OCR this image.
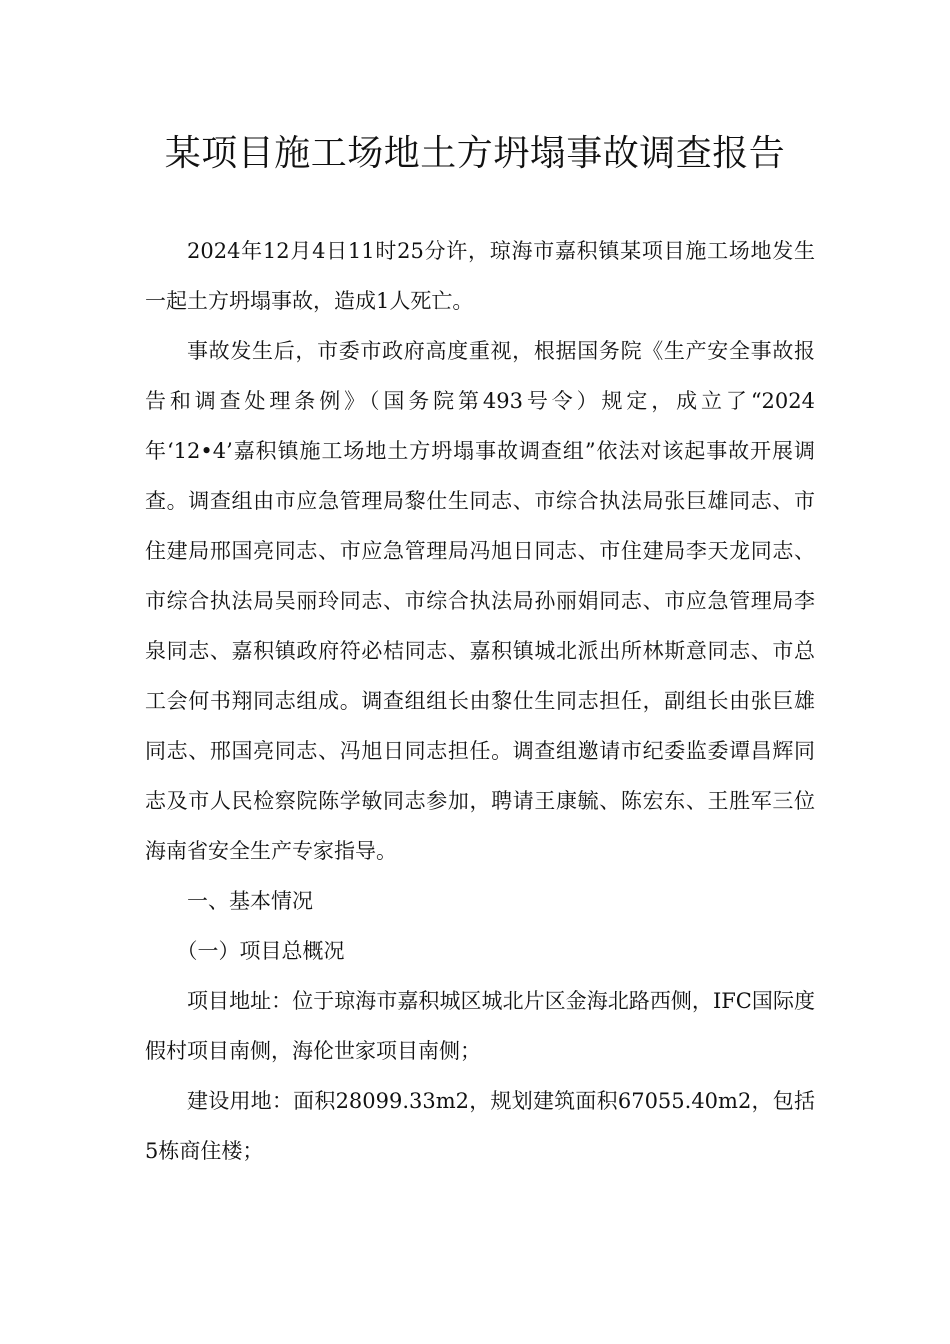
某项目施工场地土方坍塌事故调查报告

2024年12月4日11时25分许，琼海市嘉积镇某项目施工场地发生一起土方坍塌事故，造成1人死亡。

事故发生后，市委市政府高度重视，根据国务院《生产安全事故报告和调查处理条例》（国务院第493号令）规定，成立了“2024年‘12•4’嘉积镇施工场地土方坍塌事故调查组”依法对该起事故开展调查。调查组由市应急管理局黎仕生同志、市综合执法局张巨雄同志、市住建局邢国亮同志、市应急管理局冯旭日同志、市住建局李天龙同志、市综合执法局吴丽玲同志、市综合执法局孙丽娟同志、市应急管理局李泉同志、嘉积镇政府符必桔同志、嘉积镇城北派出所林斯意同志、市总工会何书翔同志组成。调查组组长由黎仕生同志担任，副组长由张巨雄同志、邢国亮同志、冯旭日同志担任。调查组邀请市纪委监委谭昌辉同志及市人民检察院陈学敏同志参加，聘请王康毓、陈宏东、王胜军三位海南省安全生产专家指导。

一、基本情况

（一）项目总概况

项目地址：位于琼海市嘉积城区城北片区金海北路西侧，IFC国际度假村项目南侧，海伦世家项目南侧；

建设用地：面积28099.33m2，规划建筑面积67055.40m2，包括5栋商住楼；
